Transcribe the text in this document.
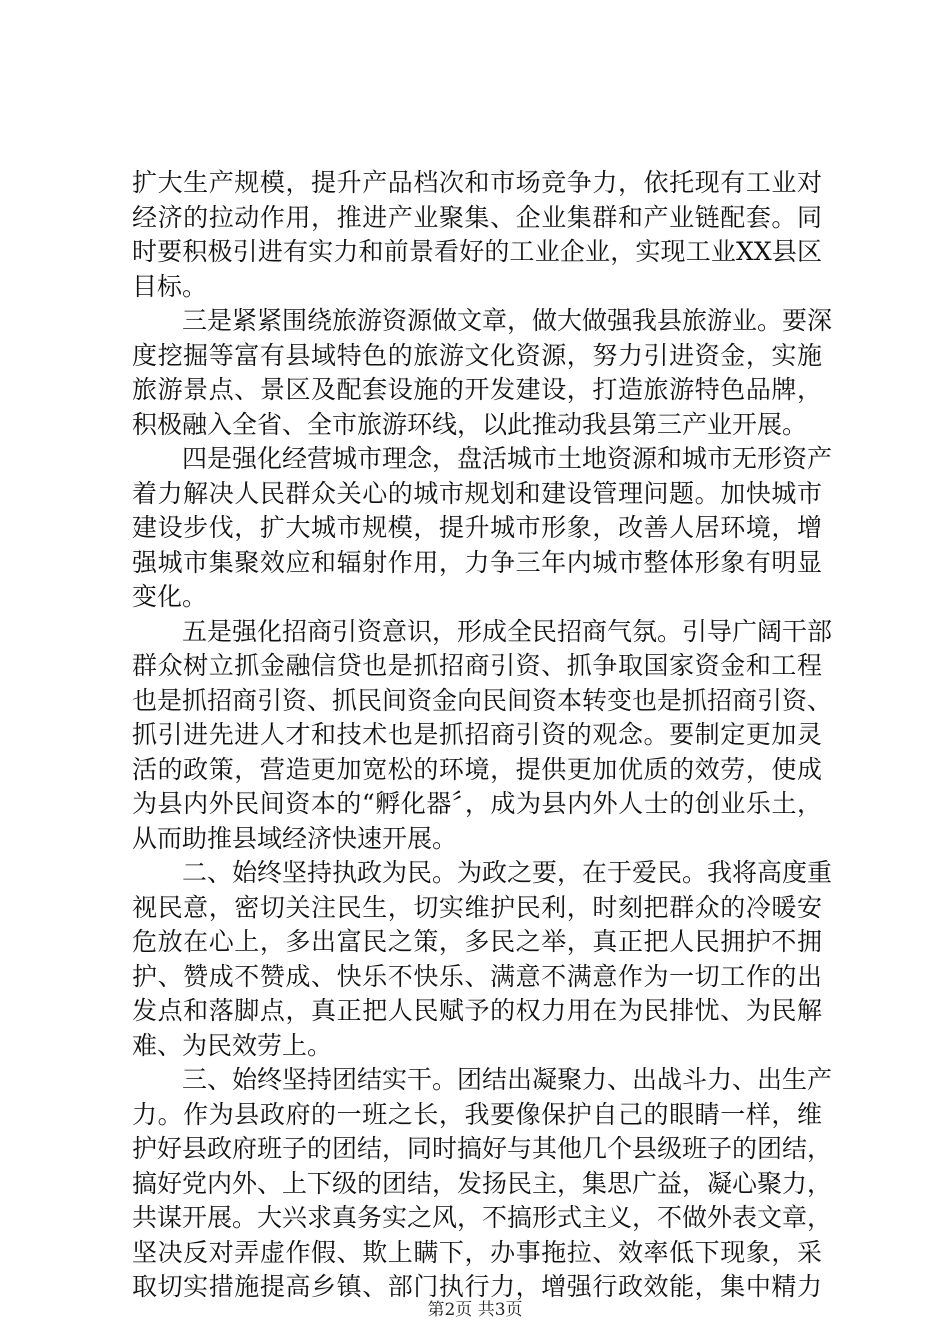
扩大生产规模，提升产品档次和市场竞争力，依托现有工业对
经济的拉动作用，推进产业聚集、企业集群和产业链配套。同
时要积极引进有实力和前景看好的工业企业，实现工业XX县区
目标。
三是紧紧围绕旅游资源做文章，做大做强我县旅游业。要深
度挖掘等富有县域特色的旅游文化资源，努力引进资金，实施
旅游景点、景区及配套设施的开发建设，打造旅游特色品牌，
积极融入全省、全市旅游环线，以此推动我县第三产业开展。
四是强化经营城市理念，盘活城市土地资源和城市无形资产
着力解决人民群众关心的城市规划和建设管理问题。加快城市
建设步伐，扩大城市规模，提升城市形象，改善人居环境，增
强城市集聚效应和辐射作用，力争三年内城市整体形象有明显
变化。
五是强化招商引资意识，形成全民招商气氛。引导广阔干部
群众树立抓金融信贷也是抓招商引资、抓争取国家资金和工程
也是抓招商引资、抓民间资金向民间资本转变也是抓招商引资、
抓引进先进人才和技术也是抓招商引资的观念。要制定更加灵
活的政策，营造更加宽松的环境，提供更加优质的效劳，使成
为县内外民间资本的“孵化器〞，成为县内外人士的创业乐土，
从而助推县域经济快速开展。
二、始终坚持执政为民。为政之要，在于爱民。我将高度重
视民意，密切关注民生，切实维护民利，时刻把群众的冷暖安
危放在心上，多出富民之策，多民之举，真正把人民拥护不拥
护、赞成不赞成、快乐不快乐、满意不满意作为一切工作的出
发点和落脚点，真正把人民赋予的权力用在为民排忧、为民解
难、为民效劳上。
三、始终坚持团结实干。团结出凝聚力、出战斗力、出生产
力。作为县政府的一班之长，我要像保护自己的眼睛一样，维
护好县政府班子的团结，同时搞好与其他几个县级班子的团结，
搞好党内外、上下级的团结，发扬民主，集思广益，凝心聚力，
共谋开展。大兴求真务实之风，不搞形式主义，不做外表文章，
坚决反对弄虚作假、欺上瞒下，办事拖拉、效率低下现象，采
取切实措施提高乡镇、部门执行力，增强行政效能，集中精力
第2页 共3页
